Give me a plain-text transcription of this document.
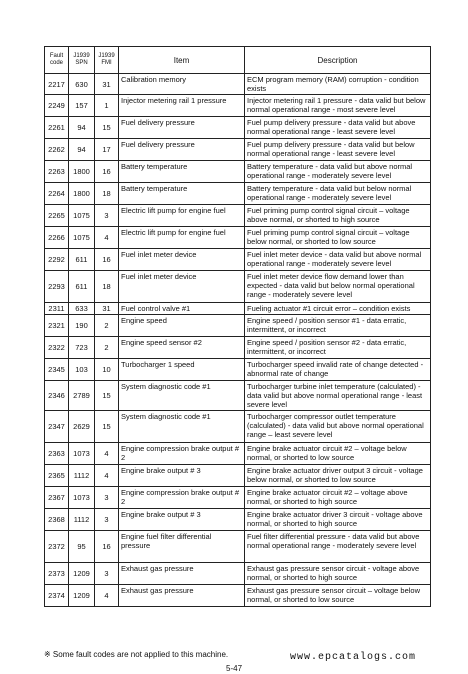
Fault code	J1939 SPN	J1939 FMI	Item	Description
2217	630	31	Calibration memory	ECM program memory (RAM) corruption - condition exists
2249	157	1	Injector metering rail 1 pressure	Injector metering rail 1 pressure - data valid but below normal operational range - most severe level
2261	94	15	Fuel delivery pressure	Fuel pump delivery pressure - data valid but above normal operational range - least severe level
2262	94	17	Fuel delivery pressure	Fuel pump delivery pressure - data valid but below normal operational range - least severe level
2263	1800	16	Battery temperature	Battery temperature - data valid but above normal operational range - moderately severe level
2264	1800	18	Battery temperature	Battery temperature - data valid but below normal operational range - moderately severe level
2265	1075	3	Electric lift pump for engine fuel	Fuel priming pump control signal circuit – voltage above normal, or shorted to high source
2266	1075	4	Electric lift pump for engine fuel	Fuel priming pump control signal circuit – voltage below normal, or shorted to low source
2292	611	16	Fuel inlet meter device	Fuel inlet meter device - data valid but above normal operational range - moderately severe level
2293	611	18	Fuel inlet meter device	Fuel inlet meter device flow demand lower than expected - data valid but below normal operational range - moderately severe level
2311	633	31	Fuel control valve #1	Fueling actuator #1 circuit error – condition exists
2321	190	2	Engine speed	Engine speed / position sensor #1 - data erratic, intermittent, or incorrect
2322	723	2	Engine speed sensor #2	Engine speed / position sensor #2 - data erratic, intermittent, or incorrect
2345	103	10	Turbocharger 1 speed	Turbocharger speed invalid rate of change detected - abnormal rate of change
2346	2789	15	System diagnostic code #1	Turbocharger turbine inlet temperature (calculated) - data valid but above normal operational range - least severe level
2347	2629	15	System diagnostic code #1	Turbocharger compressor outlet temperature (calculated) - data valid but above normal operational range – least severe level
2363	1073	4	Engine compression brake output # 2	Engine brake actuator circuit #2 – voltage below normal, or shorted to low source
2365	1112	4	Engine brake output # 3	Engine brake actuator driver output 3 circuit - voltage below normal, or shorted to low source
2367	1073	3	Engine compression brake output # 2	Engine brake actuator circuit #2 – voltage above normal, or shorted to high source
2368	1112	3	Engine brake output # 3	Engine brake actuator driver 3 circuit - voltage above normal, or shorted to high source
2372	95	16	Engine fuel filter differential pressure	Fuel filter differential pressure - data valid but above normal operational range - moderately severe level
2373	1209	3	Exhaust gas pressure	Exhaust gas pressure sensor circuit - voltage above normal, or shorted to high source
2374	1209	4	Exhaust gas pressure	Exhaust gas pressure sensor circuit – voltage below normal, or shorted to low source
※ Some fault codes are not applied to this machine.	www.epcatalogs.com
5-47
